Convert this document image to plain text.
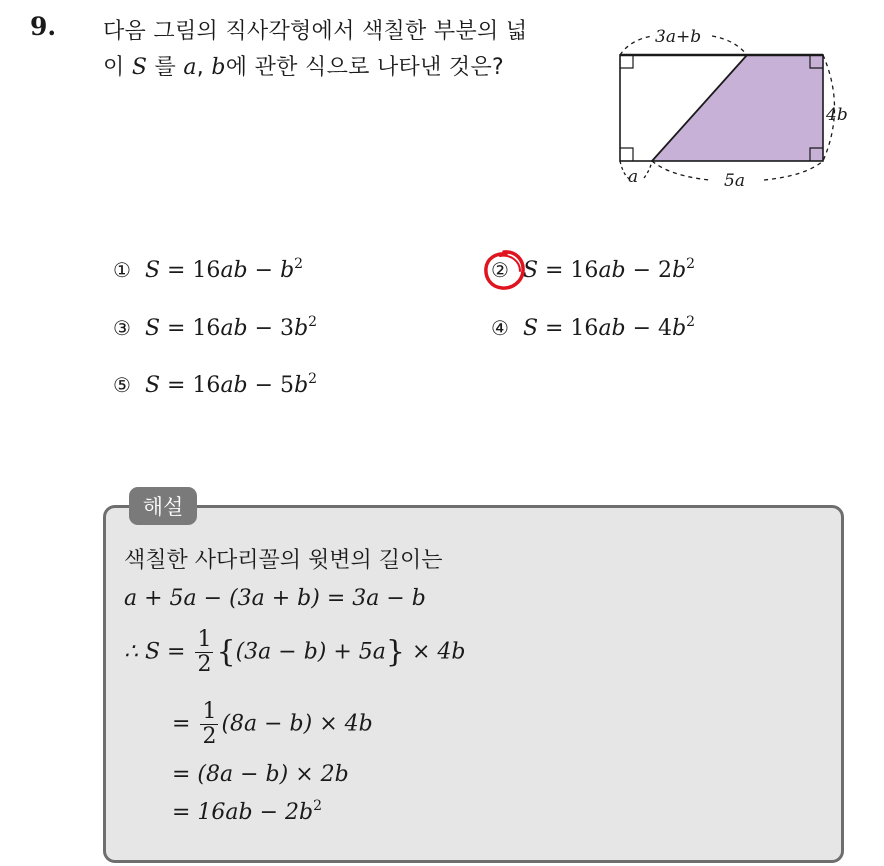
9. 다음 그림의 직사각형에서 색칠한 부분의 넓
이 S 를 a, b에 관한 식으로 나타낸 것은?
3a+b
4b
a	5a
① $S = 16ab - b^2$	② $S = 16ab - 2b^2$
③ $S = 16ab - 3b^2$	④ $S = 16ab - 4b^2$
⑤ $S = 16ab - 5b^2$
해설
색칠한 사다리꼴의 윗변의 길이는
a + 5a − (3a + b) = 3a − b
∴ $S = \frac{1}{2} \{(3a - b) + 5a\} \times 4b$
= $\frac{1}{2} (8a - b) \times 4b$
= (8a − b) × 2b
= $16ab - 2b^2$
